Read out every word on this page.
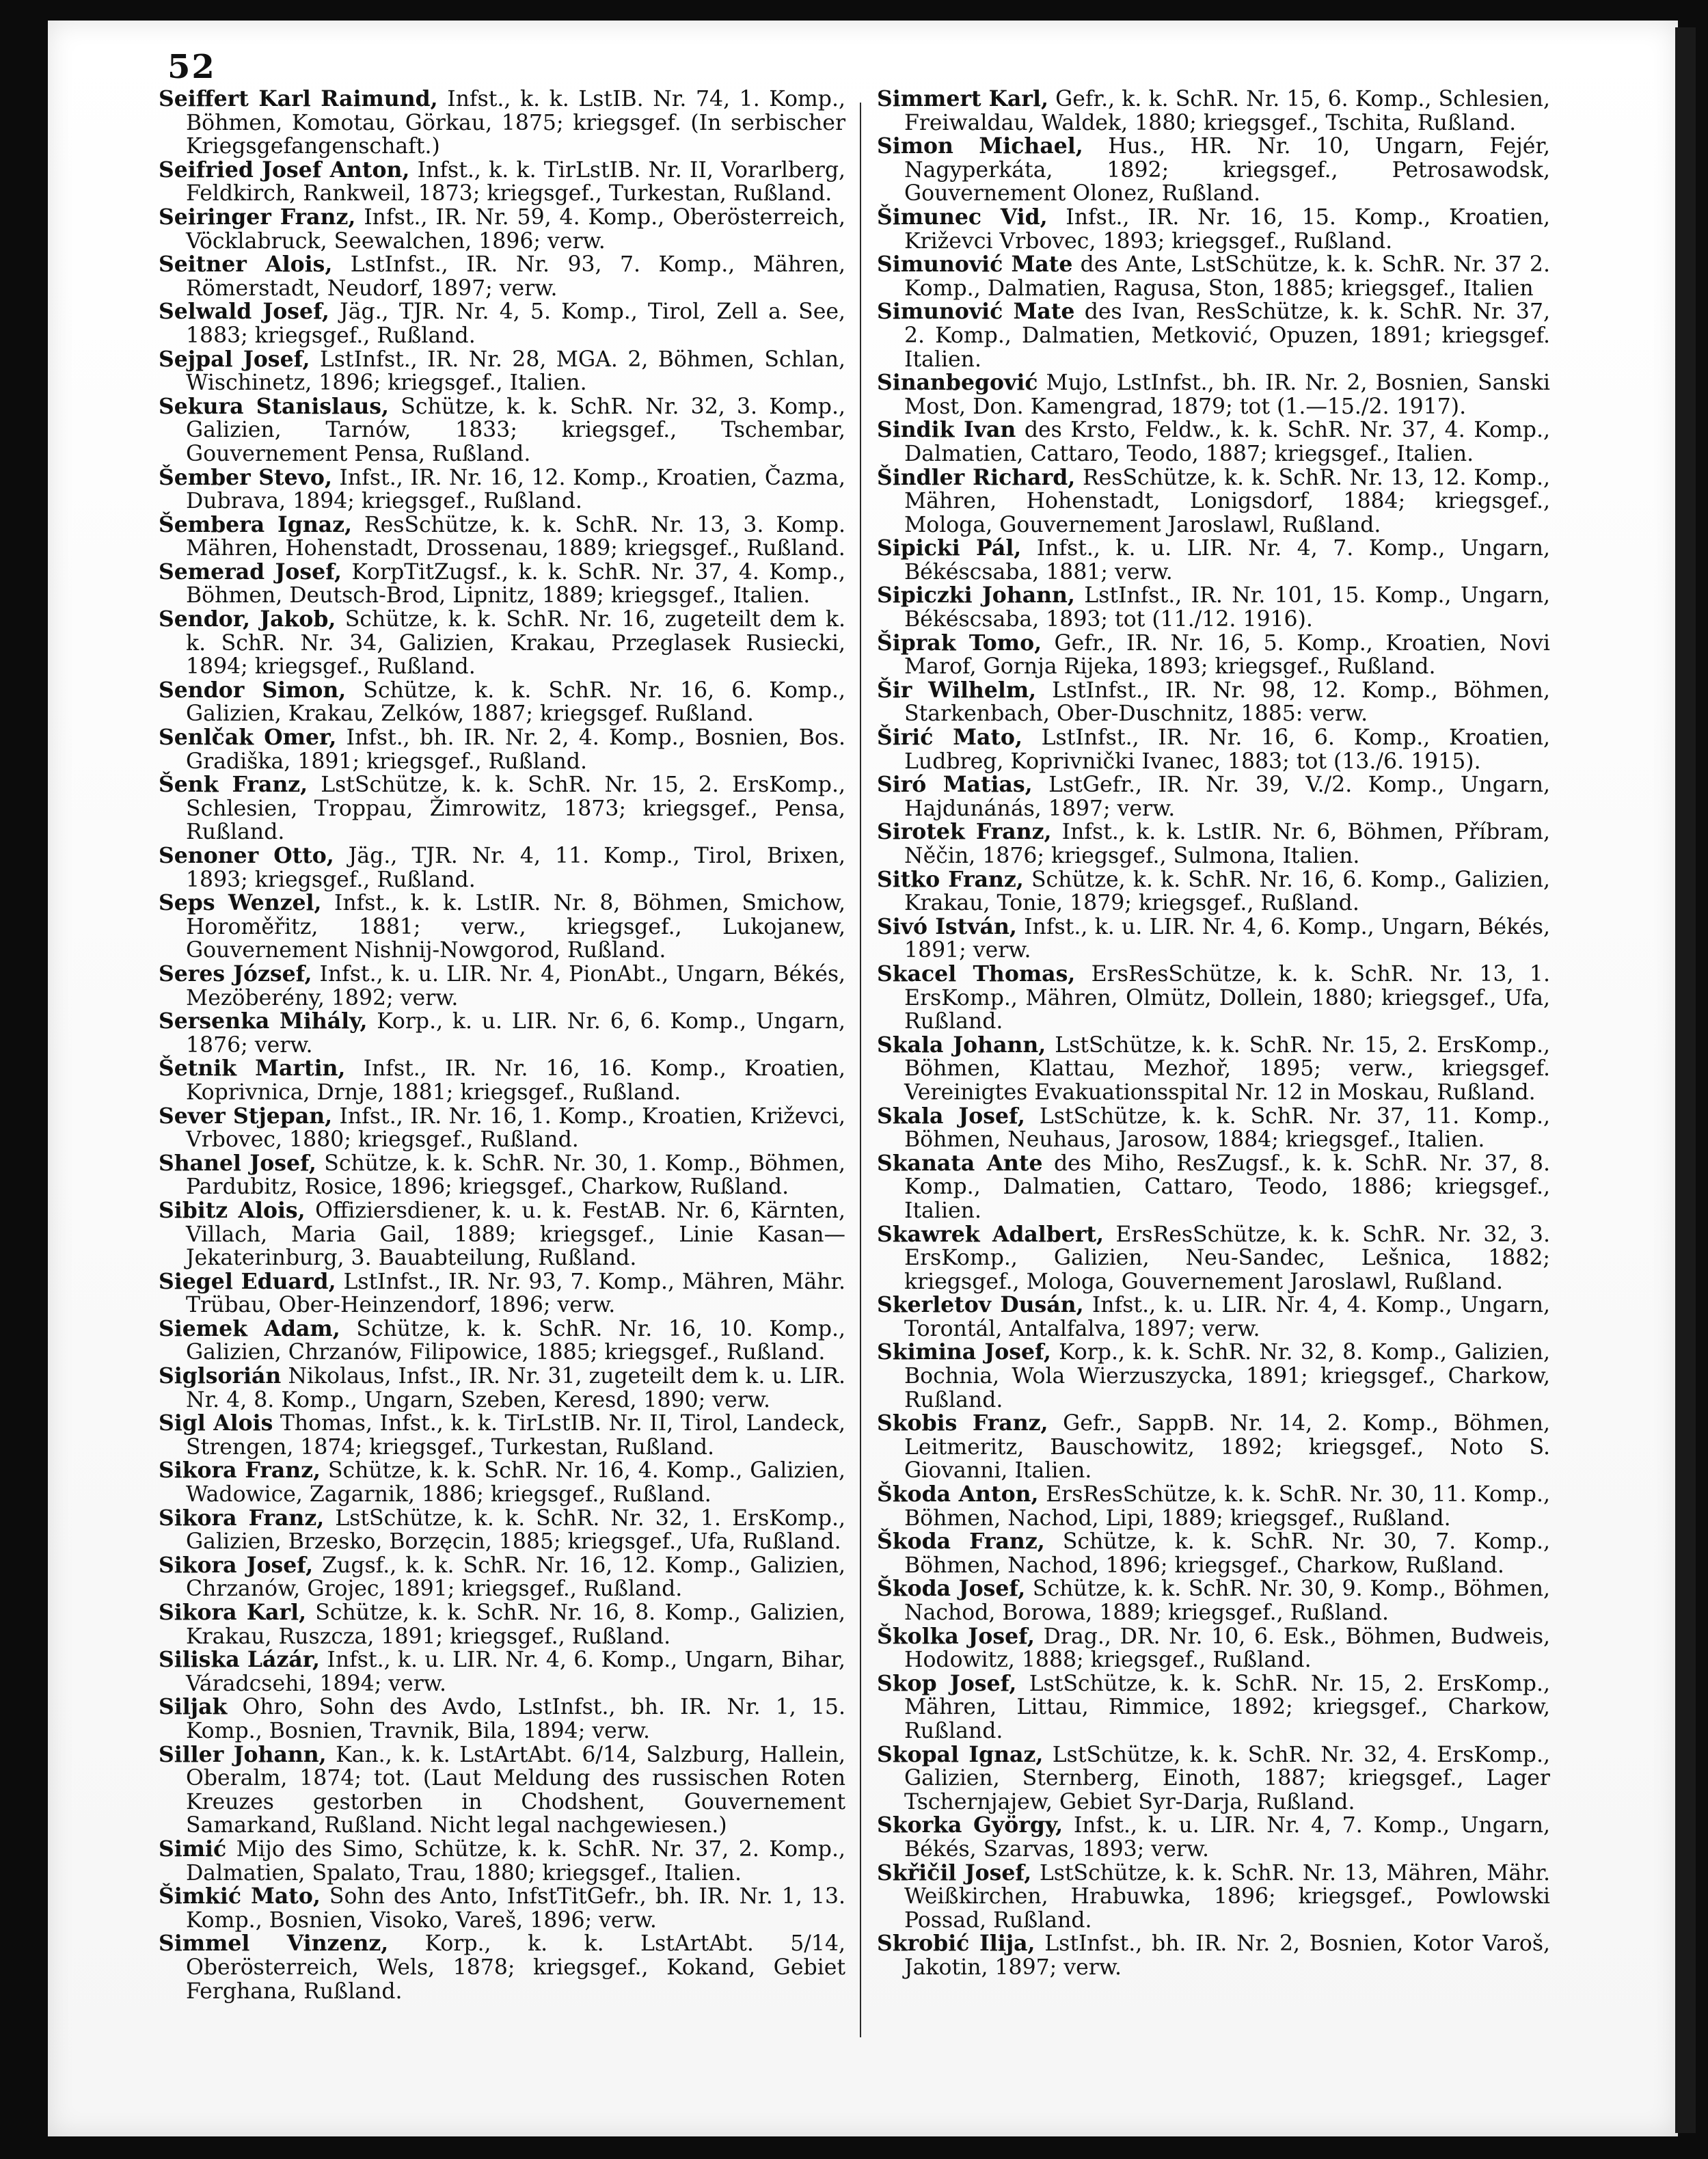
52

Seiffert Karl Raimund, Infst., k. k. LstIB. Nr. 74, 1. Komp., Böhmen, Komotau, Görkau, 1875; kriegsgef. (In serbischer Kriegsgefangenschaft.)

Seifried Josef Anton, Infst., k. k. TirLstIB. Nr. II, Vorarlberg, Feldkirch, Rankweil, 1873; kriegsgef., Turkestan, Rußland.

Seiringer Franz, Infst., IR. Nr. 59, 4. Komp., Oberösterreich, Vöcklabruck, Seewalchen, 1896; verw.

Seitner Alois, LstInfst., IR. Nr. 93, 7. Komp., Mähren, Römerstadt, Neudorf, 1897; verw.

Selwald Josef, Jäg., TJR. Nr. 4, 5. Komp., Tirol, Zell a. See, 1883; kriegsgef., Rußland.

Sejpal Josef, LstInfst., IR. Nr. 28, MGA. 2, Böhmen, Schlan, Wischinetz, 1896; kriegsgef., Italien.

Sekura Stanislaus, Schütze, k. k. SchR. Nr. 32, 3. Komp., Galizien, Tarnów, 1833; kriegsgef., Tschembar, Gouvernement Pensa, Rußland.

Šember Stevo, Infst., IR. Nr. 16, 12. Komp., Kroatien, Čazma, Dubrava, 1894; kriegsgef., Rußland.

Šembera Ignaz, ResSchütze, k. k. SchR. Nr. 13, 3. Komp. Mähren, Hohenstadt, Drossenau, 1889; kriegsgef., Rußland.

Semerad Josef, KorpTitZugsf., k. k. SchR. Nr. 37, 4. Komp., Böhmen, Deutsch-Brod, Lipnitz, 1889; kriegsgef., Italien.

Sendor, Jakob, Schütze, k. k. SchR. Nr. 16, zugeteilt dem k. k. SchR. Nr. 34, Galizien, Krakau, Przeglasek Rusiecki, 1894; kriegsgef., Rußland.

Sendor Simon, Schütze, k. k. SchR. Nr. 16, 6. Komp., Galizien, Krakau, Zelków, 1887; kriegsgef. Rußland.

Senlčak Omer, Infst., bh. IR. Nr. 2, 4. Komp., Bosnien, Bos. Gradiška, 1891; kriegsgef., Rußland.

Šenk Franz, LstSchütze, k. k. SchR. Nr. 15, 2. ErsKomp., Schlesien, Troppau, Žimrowitz, 1873; kriegsgef., Pensa, Rußland.

Senoner Otto, Jäg., TJR. Nr. 4, 11. Komp., Tirol, Brixen, 1893; kriegsgef., Rußland.

Seps Wenzel, Infst., k. k. LstIR. Nr. 8, Böhmen, Smichow, Horoměřitz, 1881; verw., kriegsgef., Lukojanew, Gouvernement Nishnij-Nowgorod, Rußland.

Seres József, Infst., k. u. LIR. Nr. 4, PionAbt., Ungarn, Békés, Mezöberény, 1892; verw.

Sersenka Mihály, Korp., k. u. LIR. Nr. 6, 6. Komp., Ungarn, 1876; verw.

Šetnik Martin, Infst., IR. Nr. 16, 16. Komp., Kroatien, Koprivnica, Drnje, 1881; kriegsgef., Rußland.

Sever Stjepan, Infst., IR. Nr. 16, 1. Komp., Kroatien, Križevci, Vrbovec, 1880; kriegsgef., Rußland.

Shanel Josef, Schütze, k. k. SchR. Nr. 30, 1. Komp., Böhmen, Pardubitz, Rosice, 1896; kriegsgef., Charkow, Rußland.

Sibitz Alois, Offiziersdiener, k. u. k. FestAB. Nr. 6, Kärnten, Villach, Maria Gail, 1889; kriegsgef., Linie Kasan—Jekaterinburg, 3. Bauabteilung, Rußland.

Siegel Eduard, LstInfst., IR. Nr. 93, 7. Komp., Mähren, Mähr. Trübau, Ober-Heinzendorf, 1896; verw.

Siemek Adam, Schütze, k. k. SchR. Nr. 16, 10. Komp., Galizien, Chrzanów, Filipowice, 1885; kriegsgef., Rußland.

Siglsorián Nikolaus, Infst., IR. Nr. 31, zugeteilt dem k. u. LIR. Nr. 4, 8. Komp., Ungarn, Szeben, Keresd, 1890; verw.

Sigl Alois Thomas, Infst., k. k. TirLstIB. Nr. II, Tirol, Landeck, Strengen, 1874; kriegsgef., Turkestan, Rußland.

Sikora Franz, Schütze, k. k. SchR. Nr. 16, 4. Komp., Galizien, Wadowice, Zagarnik, 1886; kriegsgef., Rußland.

Sikora Franz, LstSchütze, k. k. SchR. Nr. 32, 1. ErsKomp., Galizien, Brzesko, Borzęcin, 1885; kriegsgef., Ufa, Rußland.

Sikora Josef, Zugsf., k. k. SchR. Nr. 16, 12. Komp., Galizien, Chrzanów, Grojec, 1891; kriegsgef., Rußland.

Sikora Karl, Schütze, k. k. SchR. Nr. 16, 8. Komp., Galizien, Krakau, Ruszcza, 1891; kriegsgef., Rußland.

Siliska Lázár, Infst., k. u. LIR. Nr. 4, 6. Komp., Ungarn, Bihar, Váradcsehi, 1894; verw.

Siljak Ohro, Sohn des Avdo, LstInfst., bh. IR. Nr. 1, 15. Komp., Bosnien, Travnik, Bila, 1894; verw.

Siller Johann, Kan., k. k. LstArtAbt. 6/14, Salzburg, Hallein, Oberalm, 1874; tot. (Laut Meldung des russischen Roten Kreuzes gestorben in Chodshent, Gouvernement Samarkand, Rußland. Nicht legal nachgewiesen.)

Simić Mijo des Simo, Schütze, k. k. SchR. Nr. 37, 2. Komp., Dalmatien, Spalato, Trau, 1880; kriegsgef., Italien.

Šimkić Mato, Sohn des Anto, InfstTitGefr., bh. IR. Nr. 1, 13. Komp., Bosnien, Visoko, Vareš, 1896; verw.

Simmel Vinzenz, Korp., k. k. LstArtAbt. 5/14, Oberösterreich, Wels, 1878; kriegsgef., Kokand, Gebiet Ferghana, Rußland.

Simmert Karl, Gefr., k. k. SchR. Nr. 15, 6. Komp., Schlesien, Freiwaldau, Waldek, 1880; kriegsgef., Tschita, Rußland.

Simon Michael, Hus., HR. Nr. 10, Ungarn, Fejér, Nagyperkáta, 1892; kriegsgef., Petrosawodsk, Gouvernement Olonez, Rußland.

Šimunec Vid, Infst., IR. Nr. 16, 15. Komp., Kroatien, Križevci Vrbovec, 1893; kriegsgef., Rußland.

Simunović Mate des Ante, LstSchütze, k. k. SchR. Nr. 37 2. Komp., Dalmatien, Ragusa, Ston, 1885; kriegsgef., Italien

Simunović Mate des Ivan, ResSchütze, k. k. SchR. Nr. 37, 2. Komp., Dalmatien, Metković, Opuzen, 1891; kriegsgef. Italien.

Sinanbegović Mujo, LstInfst., bh. IR. Nr. 2, Bosnien, Sanski Most, Don. Kamengrad, 1879; tot (1.—15./2. 1917).

Sindik Ivan des Krsto, Feldw., k. k. SchR. Nr. 37, 4. Komp., Dalmatien, Cattaro, Teodo, 1887; kriegsgef., Italien.

Šindler Richard, ResSchütze, k. k. SchR. Nr. 13, 12. Komp., Mähren, Hohenstadt, Lonigsdorf, 1884; kriegsgef., Mologa, Gouvernement Jaroslawl, Rußland.

Sipicki Pál, Infst., k. u. LIR. Nr. 4, 7. Komp., Ungarn, Békéscsaba, 1881; verw.

Sipiczki Johann, LstInfst., IR. Nr. 101, 15. Komp., Ungarn, Békéscsaba, 1893; tot (11./12. 1916).

Šiprak Tomo, Gefr., IR. Nr. 16, 5. Komp., Kroatien, Novi Marof, Gornja Rijeka, 1893; kriegsgef., Rußland.

Šir Wilhelm, LstInfst., IR. Nr. 98, 12. Komp., Böhmen, Starkenbach, Ober-Duschnitz, 1885: verw.

Širić Mato, LstInfst., IR. Nr. 16, 6. Komp., Kroatien, Ludbreg, Koprivnički Ivanec, 1883; tot (13./6. 1915).

Siró Matias, LstGefr., IR. Nr. 39, V./2. Komp., Ungarn, Hajdunánás, 1897; verw.

Sirotek Franz, Infst., k. k. LstIR. Nr. 6, Böhmen, Příbram, Něčin, 1876; kriegsgef., Sulmona, Italien.

Sitko Franz, Schütze, k. k. SchR. Nr. 16, 6. Komp., Galizien, Krakau, Tonie, 1879; kriegsgef., Rußland.

Sivó István, Infst., k. u. LIR. Nr. 4, 6. Komp., Ungarn, Békés, 1891; verw.

Skacel Thomas, ErsResSchütze, k. k. SchR. Nr. 13, 1. ErsKomp., Mähren, Olmütz, Dollein, 1880; kriegsgef., Ufa, Rußland.

Skala Johann, LstSchütze, k. k. SchR. Nr. 15, 2. ErsKomp., Böhmen, Klattau, Mezhoř, 1895; verw., kriegsgef. Vereinigtes Evakuationsspital Nr. 12 in Moskau, Rußland.

Skala Josef, LstSchütze, k. k. SchR. Nr. 37, 11. Komp., Böhmen, Neuhaus, Jarosow, 1884; kriegsgef., Italien.

Skanata Ante des Miho, ResZugsf., k. k. SchR. Nr. 37, 8. Komp., Dalmatien, Cattaro, Teodo, 1886; kriegsgef., Italien.

Skawrek Adalbert, ErsResSchütze, k. k. SchR. Nr. 32, 3. ErsKomp., Galizien, Neu-Sandec, Lešnica, 1882; kriegsgef., Mologa, Gouvernement Jaroslawl, Rußland.

Skerletov Dusán, Infst., k. u. LIR. Nr. 4, 4. Komp., Ungarn, Torontál, Antalfalva, 1897; verw.

Skimina Josef, Korp., k. k. SchR. Nr. 32, 8. Komp., Galizien, Bochnia, Wola Wierzuszycka, 1891; kriegsgef., Charkow, Rußland.

Skobis Franz, Gefr., SappB. Nr. 14, 2. Komp., Böhmen, Leitmeritz, Bauschowitz, 1892; kriegsgef., Noto S. Giovanni, Italien.

Škoda Anton, ErsResSchütze, k. k. SchR. Nr. 30, 11. Komp., Böhmen, Nachod, Lipi, 1889; kriegsgef., Rußland.

Škoda Franz, Schütze, k. k. SchR. Nr. 30, 7. Komp., Böhmen, Nachod, 1896; kriegsgef., Charkow, Rußland.

Škoda Josef, Schütze, k. k. SchR. Nr. 30, 9. Komp., Böhmen, Nachod, Borowa, 1889; kriegsgef., Rußland.

Školka Josef, Drag., DR. Nr. 10, 6. Esk., Böhmen, Budweis, Hodowitz, 1888; kriegsgef., Rußland.

Skop Josef, LstSchütze, k. k. SchR. Nr. 15, 2. ErsKomp., Mähren, Littau, Rimmice, 1892; kriegsgef., Charkow, Rußland.

Skopal Ignaz, LstSchütze, k. k. SchR. Nr. 32, 4. ErsKomp., Galizien, Sternberg, Einoth, 1887; kriegsgef., Lager Tschernjajew, Gebiet Syr-Darja, Rußland.

Skorka György, Infst., k. u. LIR. Nr. 4, 7. Komp., Ungarn, Békés, Szarvas, 1893; verw.

Skřičil Josef, LstSchütze, k. k. SchR. Nr. 13, Mähren, Mähr. Weißkirchen, Hrabuwka, 1896; kriegsgef., Powlowski Possad, Rußland.

Skrobić Ilija, LstInfst., bh. IR. Nr. 2, Bosnien, Kotor Varoš, Jakotin, 1897; verw.
